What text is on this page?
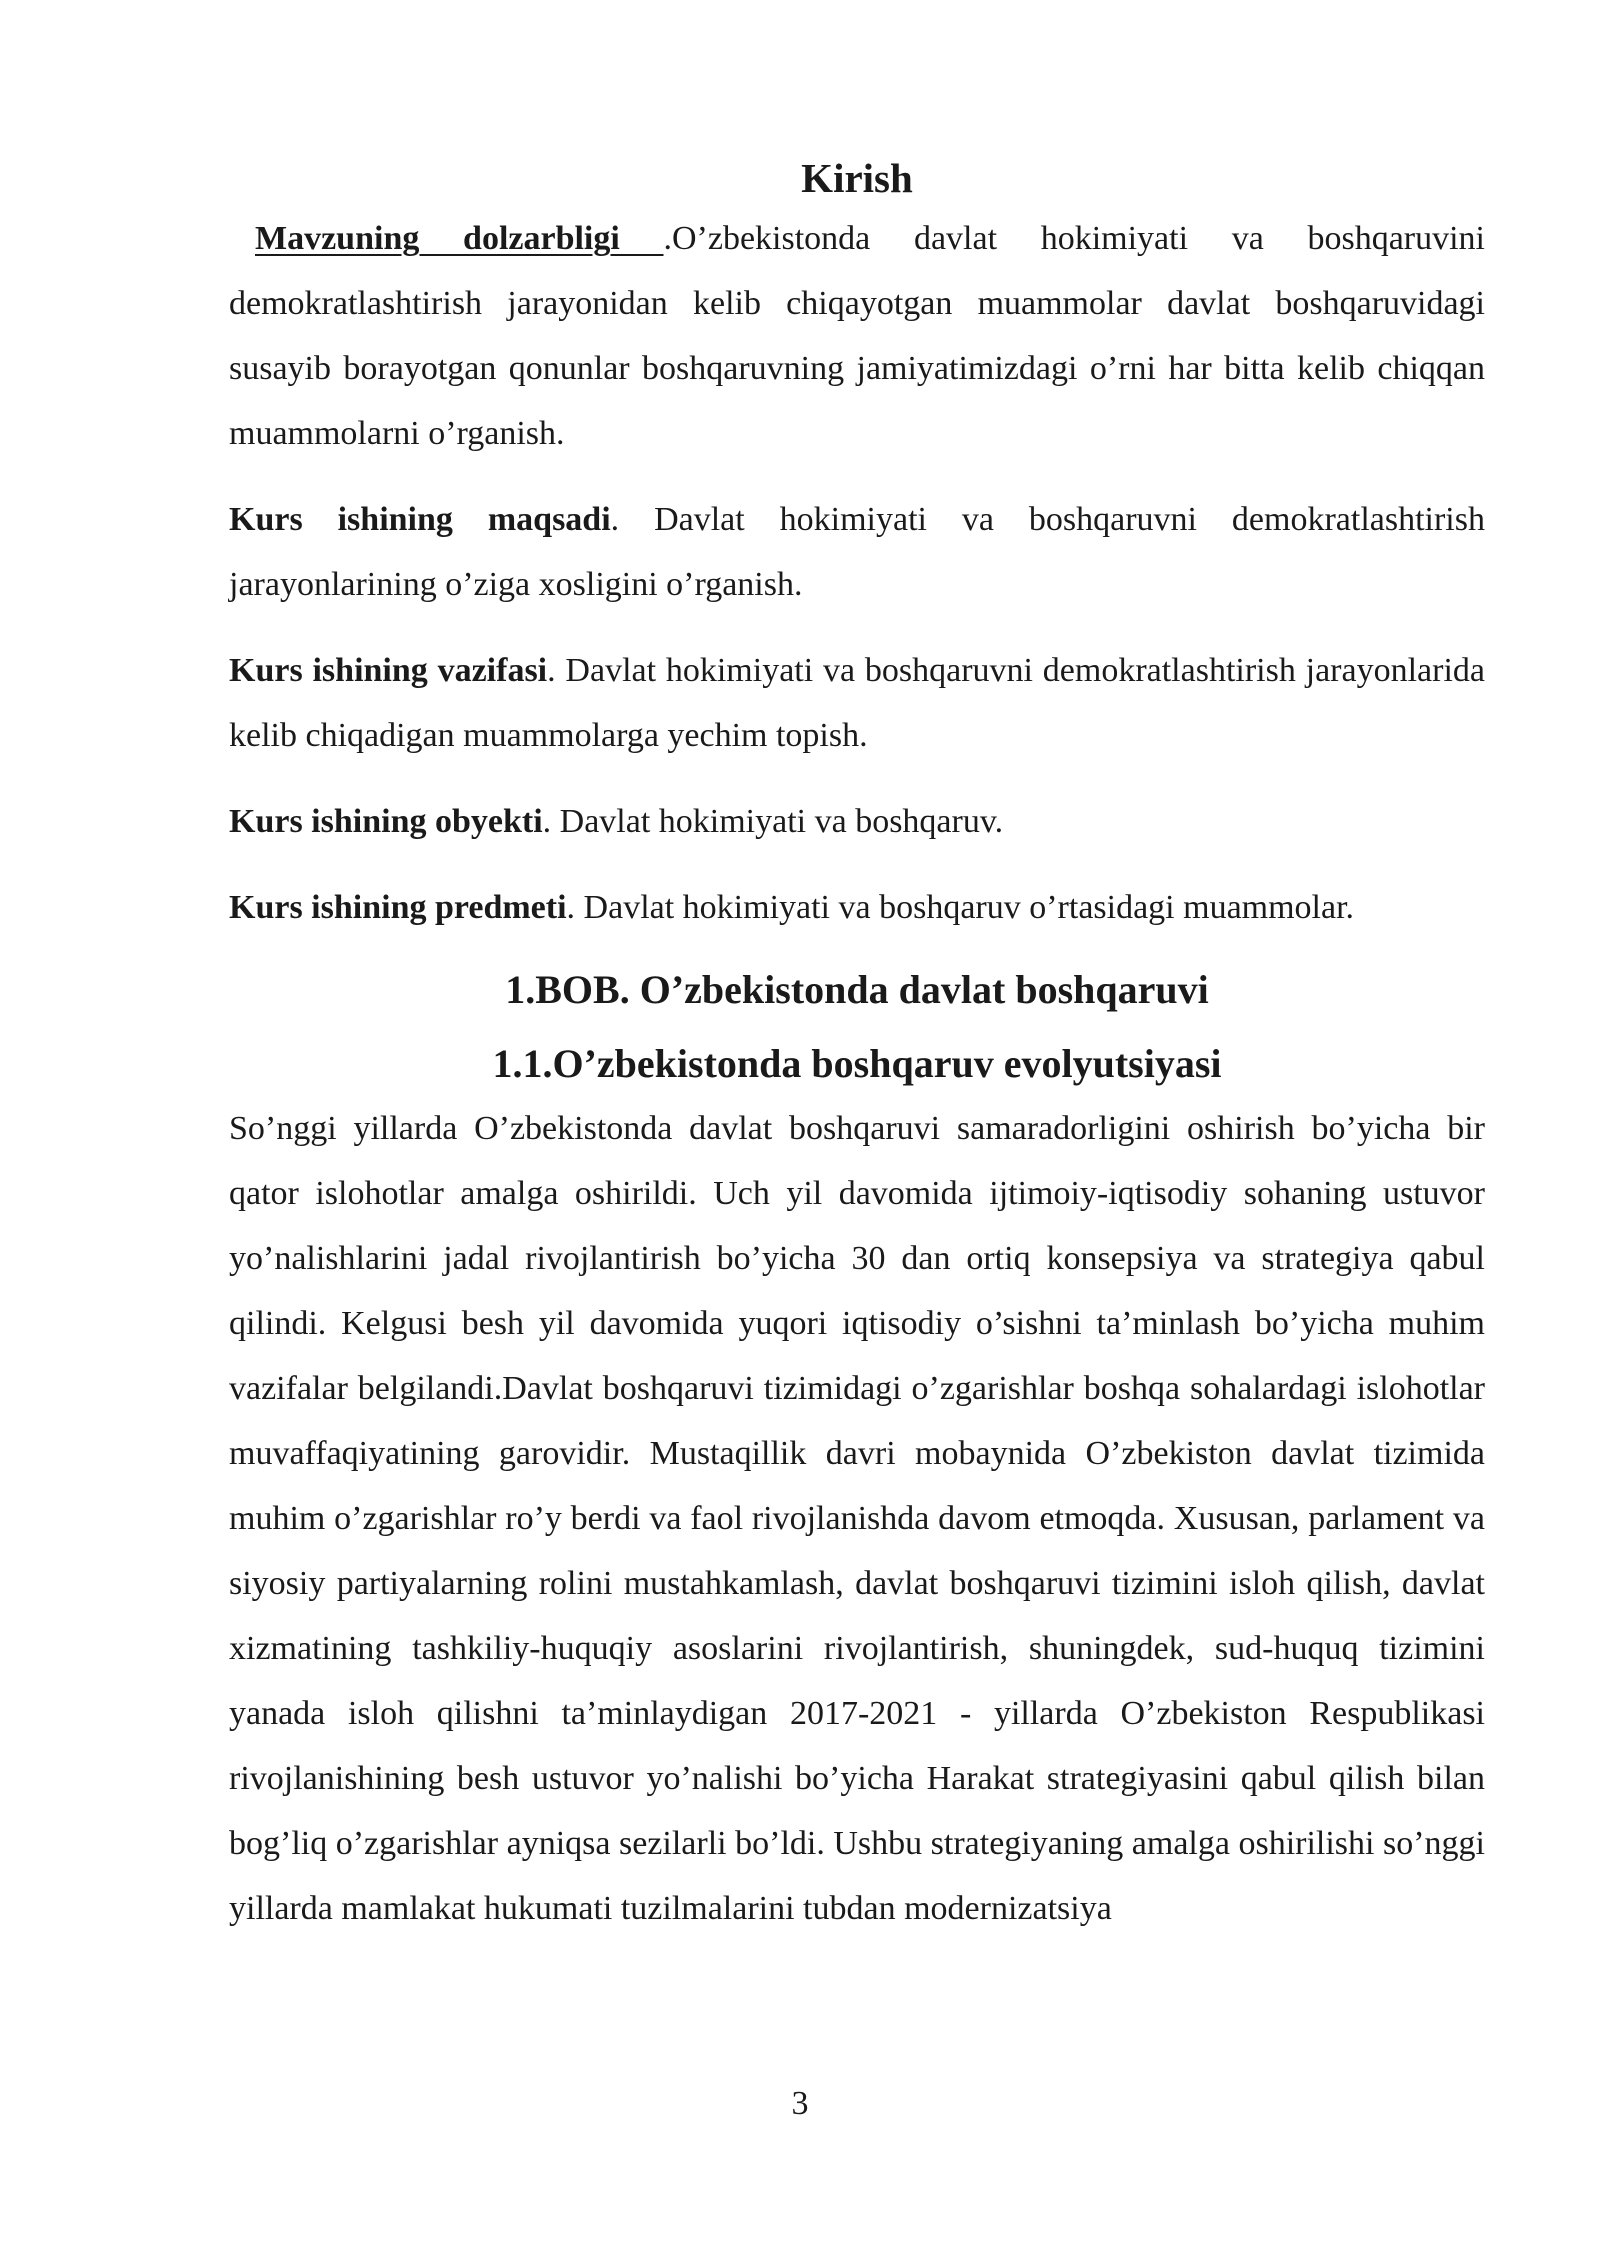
Kirish

Mavzuning dolzarbligi .O’zbekistonda davlat hokimiyati va boshqaruvini demokratlashtirish jarayonidan kelib chiqayotgan muammolar davlat boshqaruvidagi susayib borayotgan qonunlar boshqaruvning jamiyatimizdagi o’rni har bitta kelib chiqqan muammolarni o’rganish.

Kurs ishining maqsadi. Davlat hokimiyati va boshqaruvni demokratlashtirish jarayonlarining o’ziga xosligini o’rganish.

Kurs ishining vazifasi. Davlat hokimiyati va boshqaruvni demokratlashtirish jarayonlarida kelib chiqadigan muammolarga yechim topish.

Kurs ishining obyekti. Davlat hokimiyati va boshqaruv.

Kurs ishining predmeti. Davlat hokimiyati va boshqaruv o’rtasidagi muammolar.

1.BOB. O’zbekistonda davlat boshqaruvi
1.1.O’zbekistonda boshqaruv evolyutsiyasi

So’nggi yillarda O’zbekistonda davlat boshqaruvi samaradorligini oshirish bo’yicha bir qator islohotlar amalga oshirildi. Uch yil davomida ijtimoiy-iqtisodiy sohaning ustuvor yo’nalishlarini jadal rivojlantirish bo’yicha 30 dan ortiq konsepsiya va strategiya qabul qilindi. Kelgusi besh yil davomida yuqori iqtisodiy o’sishni ta’minlash bo’yicha muhim vazifalar belgilandi.Davlat boshqaruvi tizimidagi o’zgarishlar boshqa sohalardagi islohotlar muvaffaqiyatining garovidir. Mustaqillik davri mobaynida O’zbekiston davlat tizimida muhim o’zgarishlar ro’y berdi va faol rivojlanishda davom etmoqda. Xususan, parlament va siyosiy partiyalarning rolini mustahkamlash, davlat boshqaruvi tizimini isloh qilish, davlat xizmatining tashkiliy-huquqiy asoslarini rivojlantirish, shuningdek, sud-huquq tizimini yanada isloh qilishni ta’minlaydigan 2017-2021 - yillarda O’zbekiston Respublikasi rivojlanishining besh ustuvor yo’nalishi bo’yicha Harakat strategiyasini qabul qilish bilan bog’liq o’zgarishlar ayniqsa sezilarli bo’ldi. Ushbu strategiyaning amalga oshirilishi so’nggi yillarda mamlakat hukumati tuzilmalarini tubdan modernizatsiya

3
